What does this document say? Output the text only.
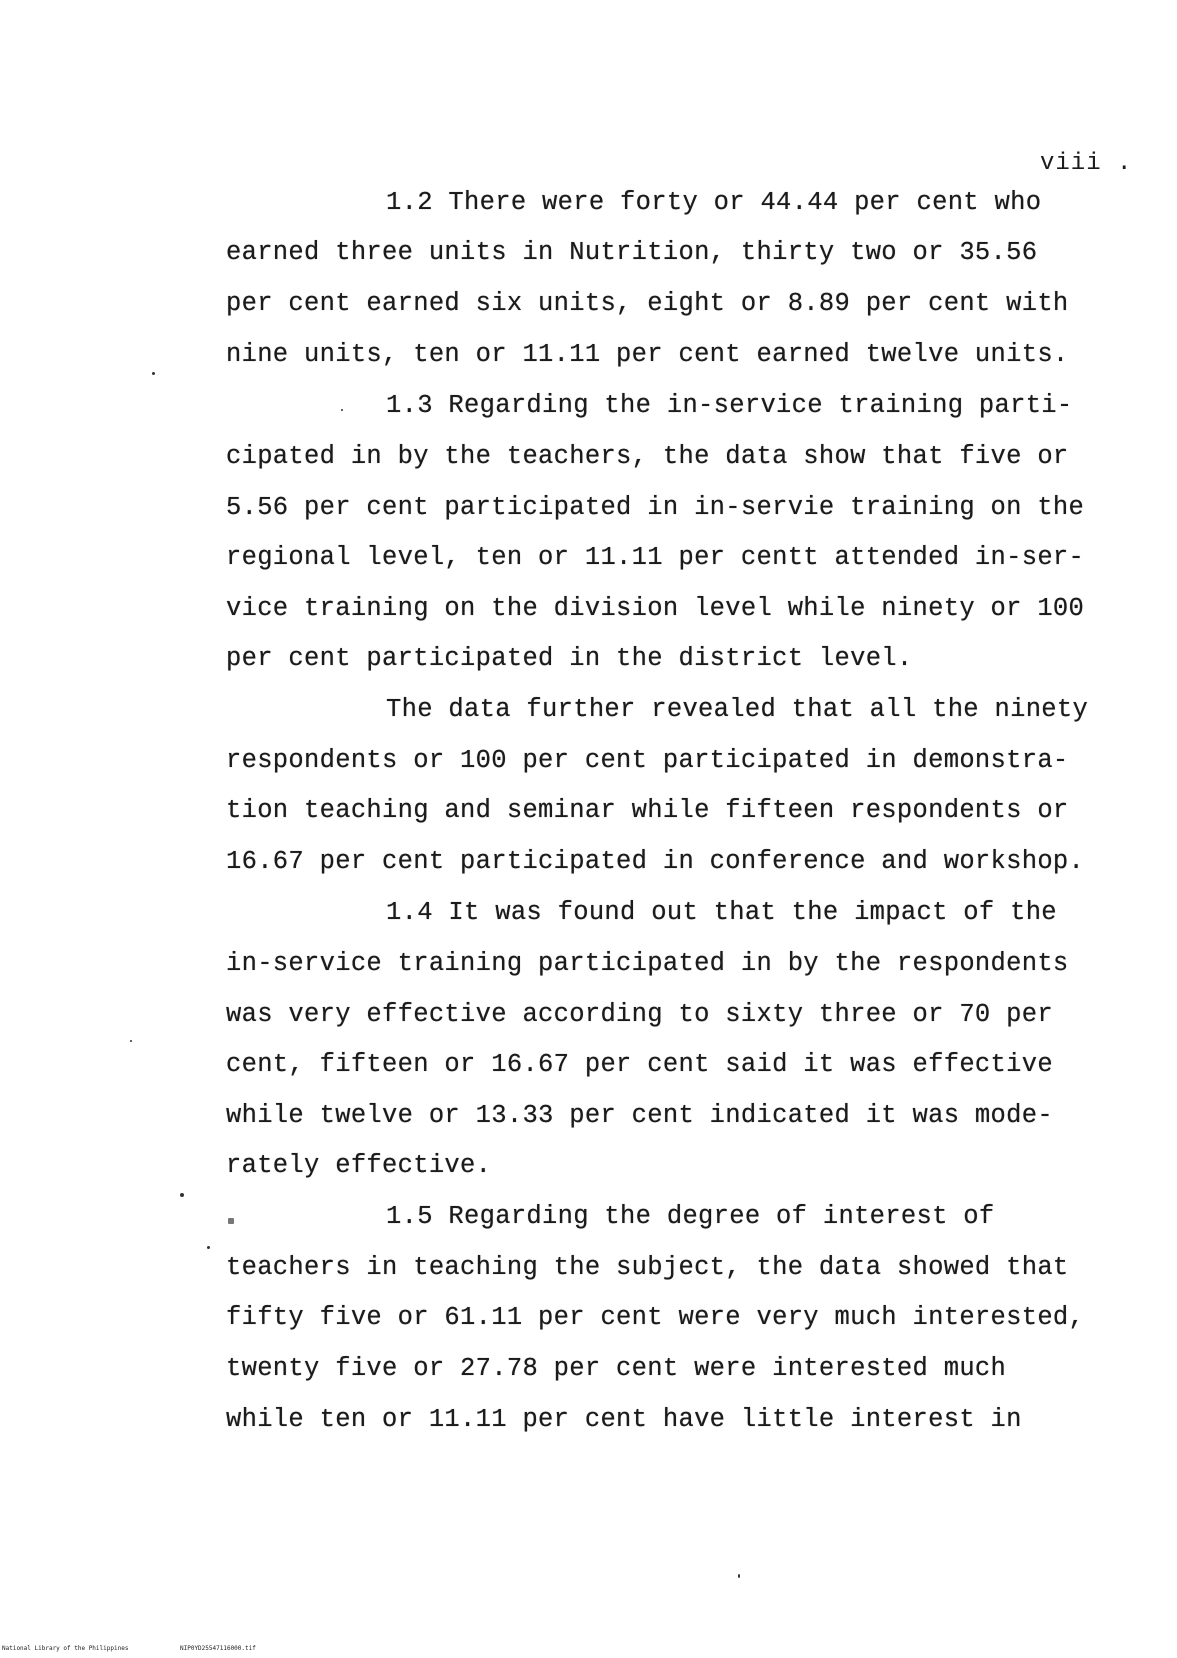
viii .
1.2 There were forty or 44.44 per cent who
earned three units in Nutrition, thirty two or 35.56
per cent earned six units, eight or 8.89 per cent with
nine units, ten or 11.11 per cent earned twelve units.
1.3 Regarding the in-service training parti-
cipated in by the teachers, the data show that five or
5.56 per cent participated in in-servie training on the
regional level, ten or 11.11 per centt attended in-ser-
vice training on the division level while ninety or 100
per cent participated in the district level.
The data further revealed that all the ninety
respondents or 100 per cent participated in demonstra-
tion teaching and seminar while fifteen respondents or
16.67 per cent participated in conference and workshop.
1.4 It was found out that the impact of the
in-service training participated in by the respondents
was very effective according to sixty three or 70 per
cent, fifteen or 16.67 per cent said it was effective
while twelve or 13.33 per cent indicated it was mode-
rately effective.
1.5 Regarding the degree of interest of
teachers in teaching the subject, the data showed that
fifty five or 61.11 per cent were very much interested,
twenty five or 27.78 per cent were interested much
while ten or 11.11 per cent have little interest in
National Library of the Philippines	NIP0YD25547116000.tif
